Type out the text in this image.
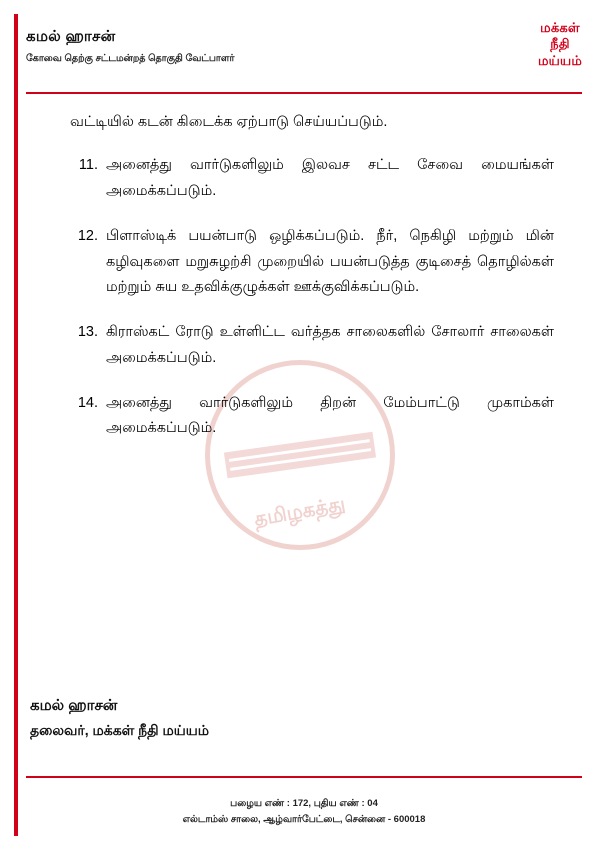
கமல் ஹாசன்
கோவை தெற்கு சட்டமன்றத் தொகுதி வேட்பாளர்
மக்கள்
நீதி
மய்யம்
தமிழகத்து

வட்டியில் கடன் கிடைக்க ஏற்பாடு செய்யப்படும்.

11. அனைத்து வார்டுகளிலும் இலவச சட்ட சேவை மையங்கள் அமைக்கப்படும்.
12. பிளாஸ்டிக் பயன்பாடு ஒழிக்கப்படும். நீர், நெகிழி மற்றும் மின் கழிவுகளை மறுசுழற்சி முறையில் பயன்படுத்த குடிசைத் தொழில்கள் மற்றும் சுய உதவிக்குழுக்கள் ஊக்குவிக்கப்படும்.
13. கிராஸ்கட் ரோடு உள்ளிட்ட வர்த்தக சாலைகளில் சோலார் சாலைகள் அமைக்கப்படும்.
14. அனைத்து வார்டுகளிலும் திறன் மேம்பாட்டு முகாம்கள் அமைக்கப்படும்.
கமல் ஹாசன்
தலைவர், மக்கள் நீதி மய்யம்
பழைய எண் : 172, புதிய எண் : 04
எல்டாம்ஸ் சாலை, ஆழ்வார்பேட்டை, சென்னை - 600018
